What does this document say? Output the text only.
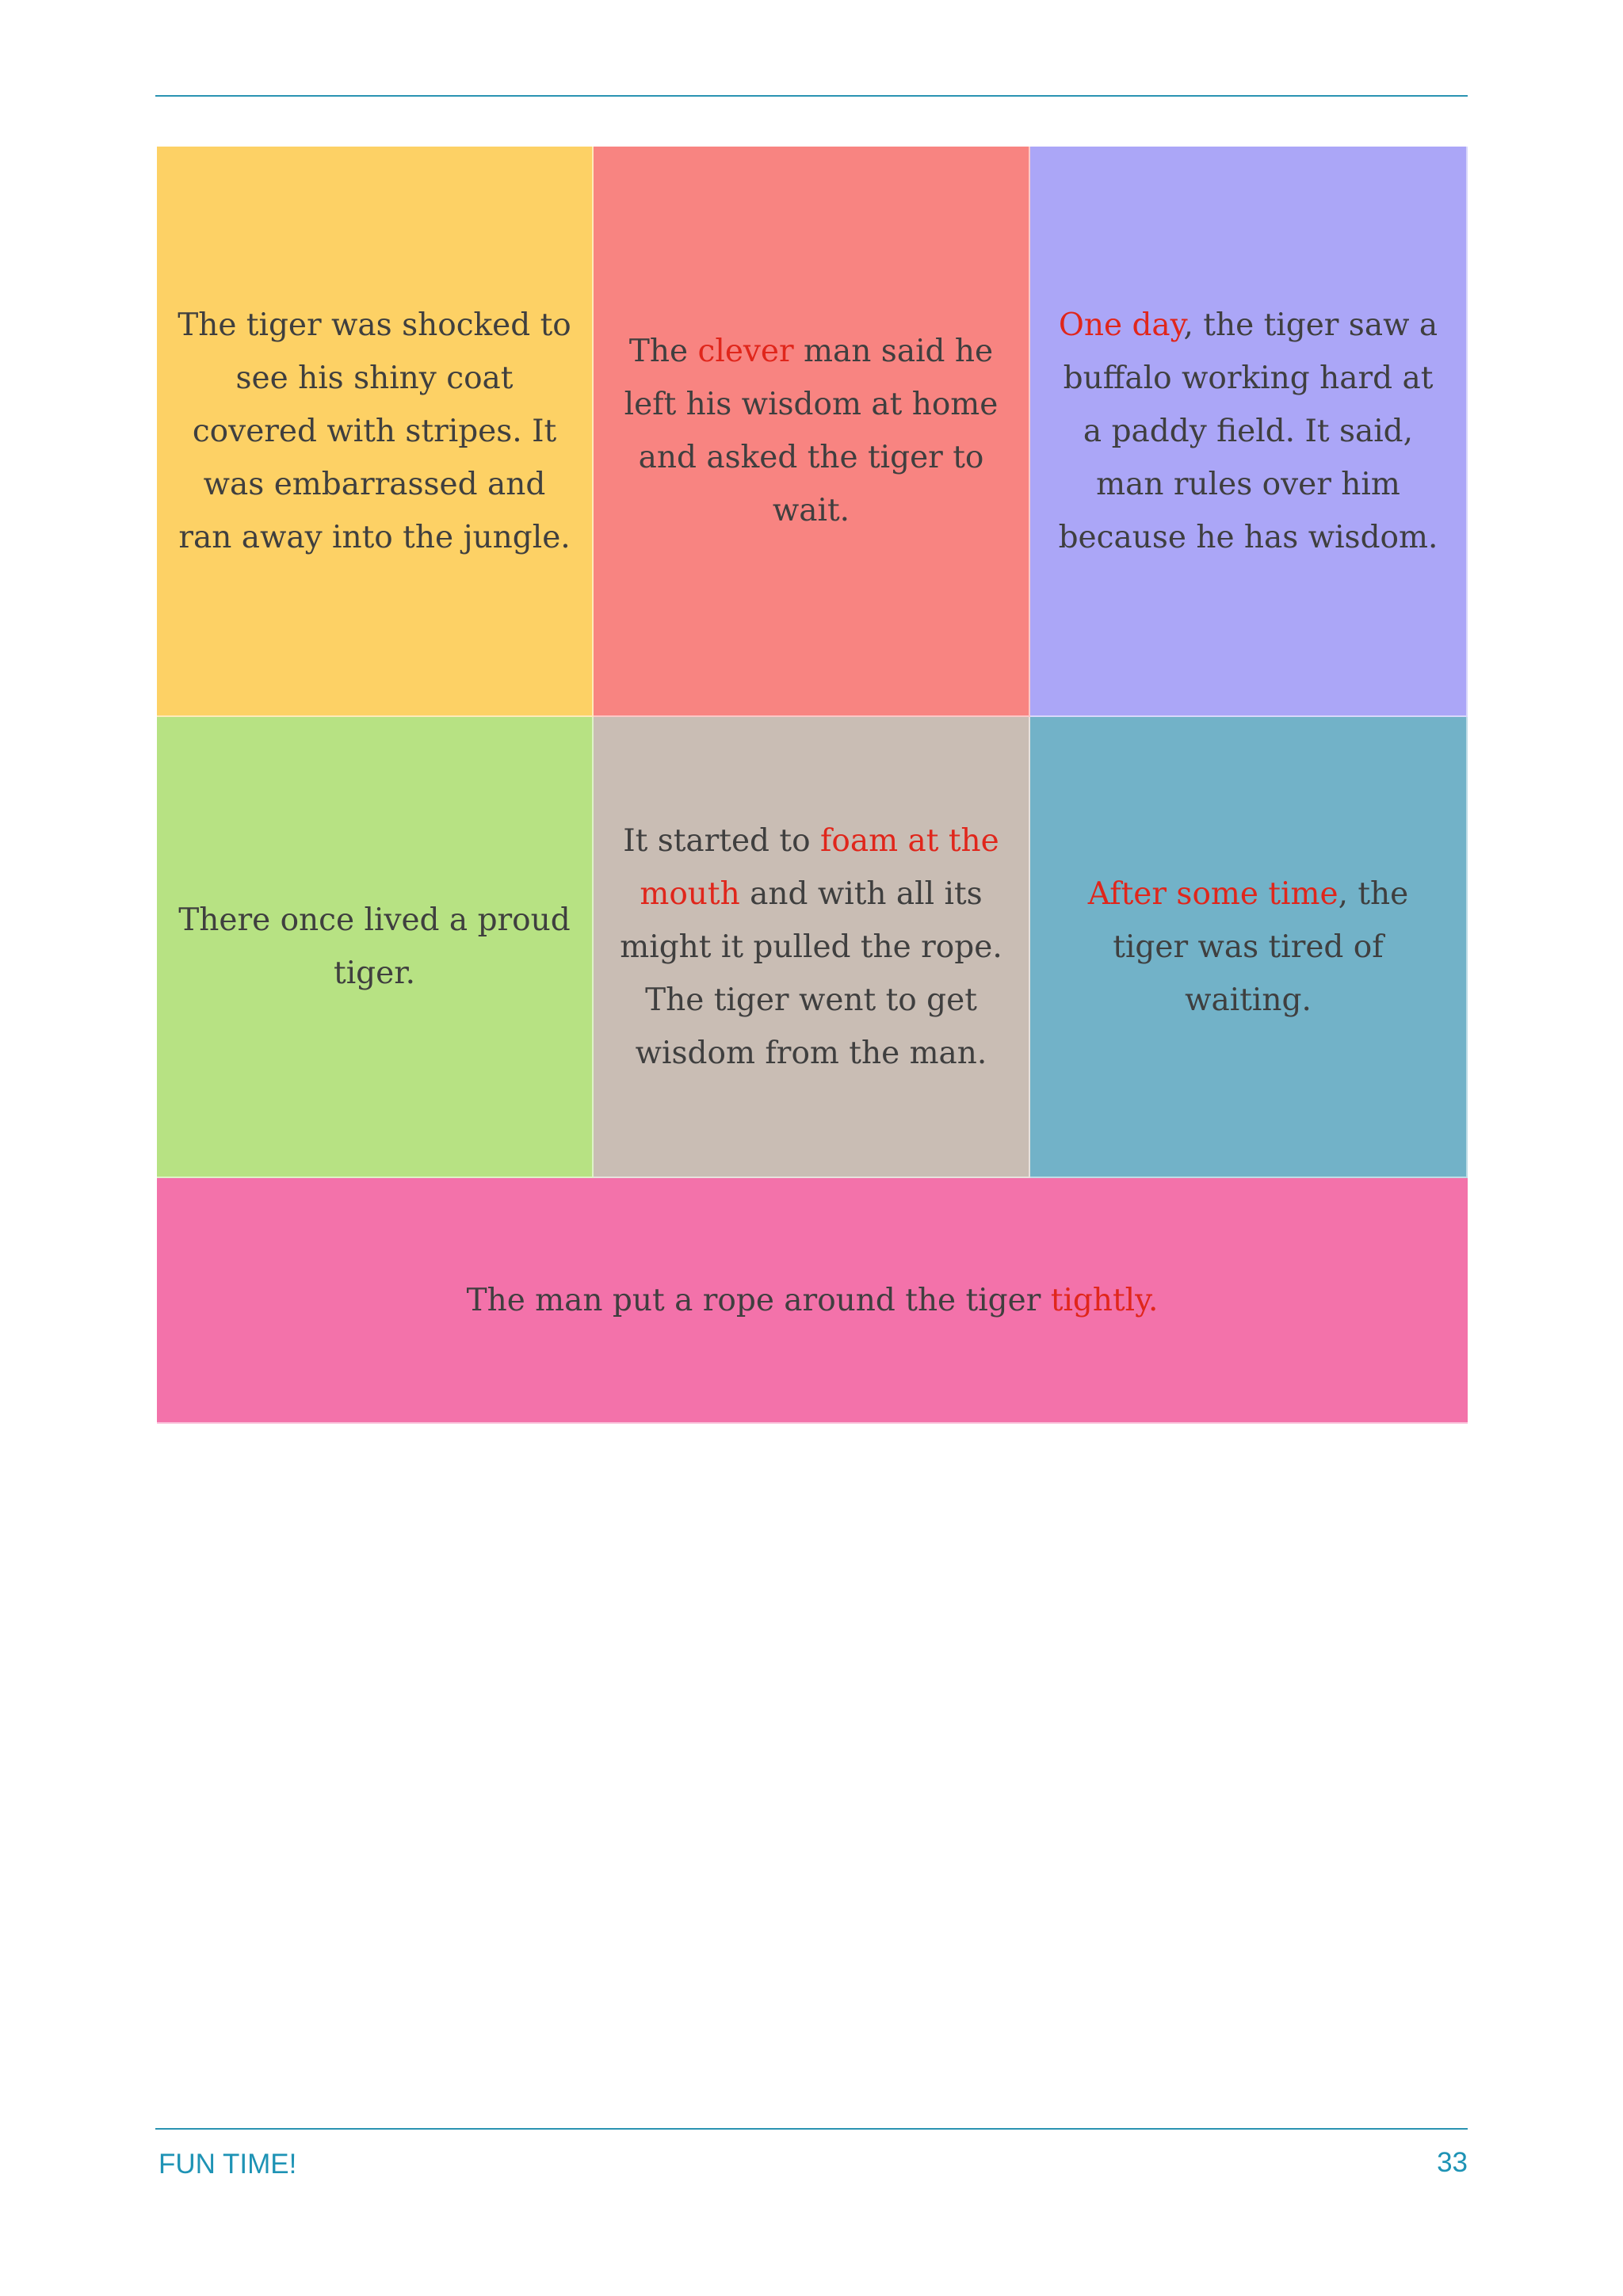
The tiger was shocked to see his shiny coat covered with stripes. It was embarrassed and ran away into the jungle.
The clever man said he left his wisdom at home and asked the tiger to wait.
One day, the tiger saw a buffalo working hard at a paddy field. It said, man rules over him because he has wisdom.
There once lived a proud tiger.
It started to foam at the mouth and with all its might it pulled the rope. The tiger went to get wisdom from the man.
After some time, the tiger was tired of waiting.
The man put a rope around the tiger tightly.
FUN TIME!	33
